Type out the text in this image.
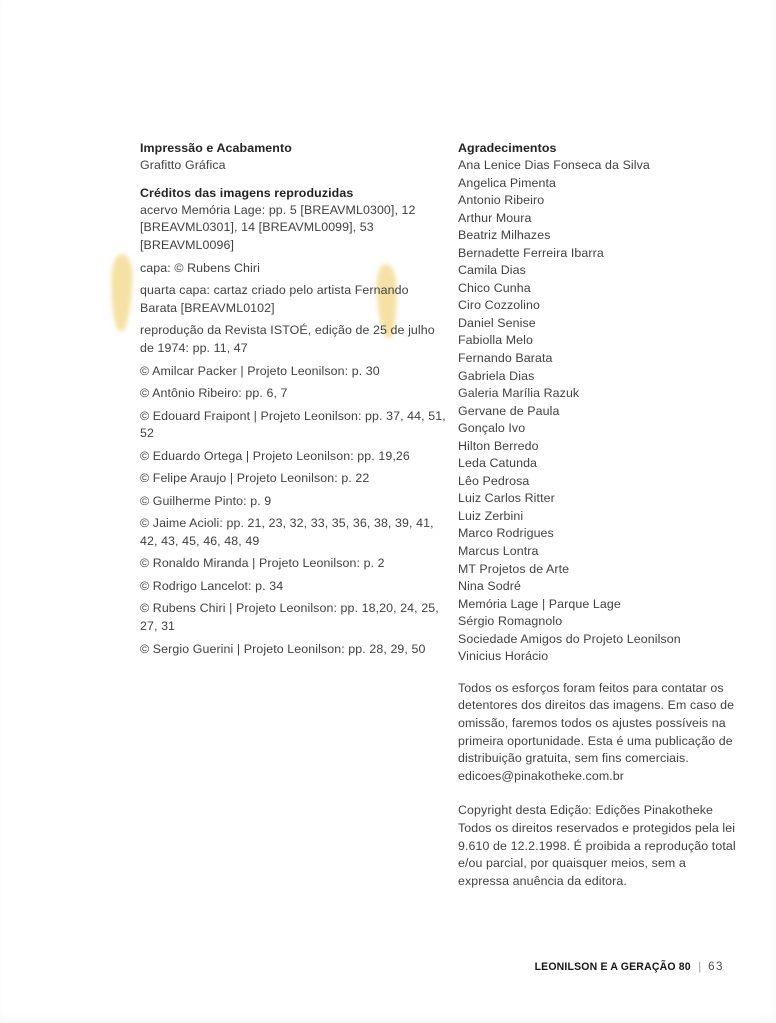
Impressão e Acabamento

Grafitto Gráfica

Créditos das imagens reproduzidas

acervo Memória Lage: pp. 5 [BREAVML0300], 12 [BREAVML0301], 14 [BREAVML0099], 53 [BREAVML0096]

capa: © Rubens Chiri

quarta capa: cartaz criado pelo artista Fernando Barata [BREAVML0102]

reprodução da Revista ISTOÉ, edição de 25 de julho de 1974: pp. 11, 47

© Amilcar Packer | Projeto Leonilson: p. 30

© Antônio Ribeiro: pp. 6, 7

© Edouard Fraipont | Projeto Leonilson: pp. 37, 44, 51, 52

© Eduardo Ortega | Projeto Leonilson: pp. 19,26

© Felipe Araujo | Projeto Leonilson: p. 22

© Guilherme Pinto: p. 9

© Jaime Acioli: pp. 21, 23, 32, 33, 35, 36, 38, 39, 41, 42, 43, 45, 46, 48, 49

© Ronaldo Miranda | Projeto Leonilson: p. 2

© Rodrigo Lancelot: p. 34

© Rubens Chiri | Projeto Leonilson: pp. 18,20, 24, 25, 27, 31

© Sergio Guerini | Projeto Leonilson: pp. 28, 29, 50

Agradecimentos

Ana Lenice Dias Fonseca da Silva

Angelica Pimenta

Antonio Ribeiro

Arthur Moura

Beatriz Milhazes

Bernadette Ferreira Ibarra

Camila Dias

Chico Cunha

Ciro Cozzolino

Daniel Senise

Fabiolla Melo

Fernando Barata

Gabriela Dias

Galeria Marília Razuk

Gervane de Paula

Gonçalo Ivo

Hilton Berredo

Leda Catunda

Lêo Pedrosa

Luiz Carlos Ritter

Luiz Zerbini

Marco Rodrigues

Marcus Lontra

MT Projetos de Arte

Nina Sodré

Memória Lage | Parque Lage

Sérgio Romagnolo

Sociedade Amigos do Projeto Leonilson

Vinicius Horácio

Todos os esforços foram feitos para contatar os detentores dos direitos das imagens. Em caso de omissão, faremos todos os ajustes possíveis na primeira oportunidade. Esta é uma publicação de distribuição gratuita, sem fins comerciais. edicoes@pinakotheke.com.br

Copyright desta Edição: Edições Pinakotheke Todos os direitos reservados e protegidos pela lei 9.610 de 12.2.1998. É proibida a reprodução total e/ou parcial, por quaisquer meios, sem a expressa anuência da editora.

LEONILSON E A GERAÇÃO 80 | 63
